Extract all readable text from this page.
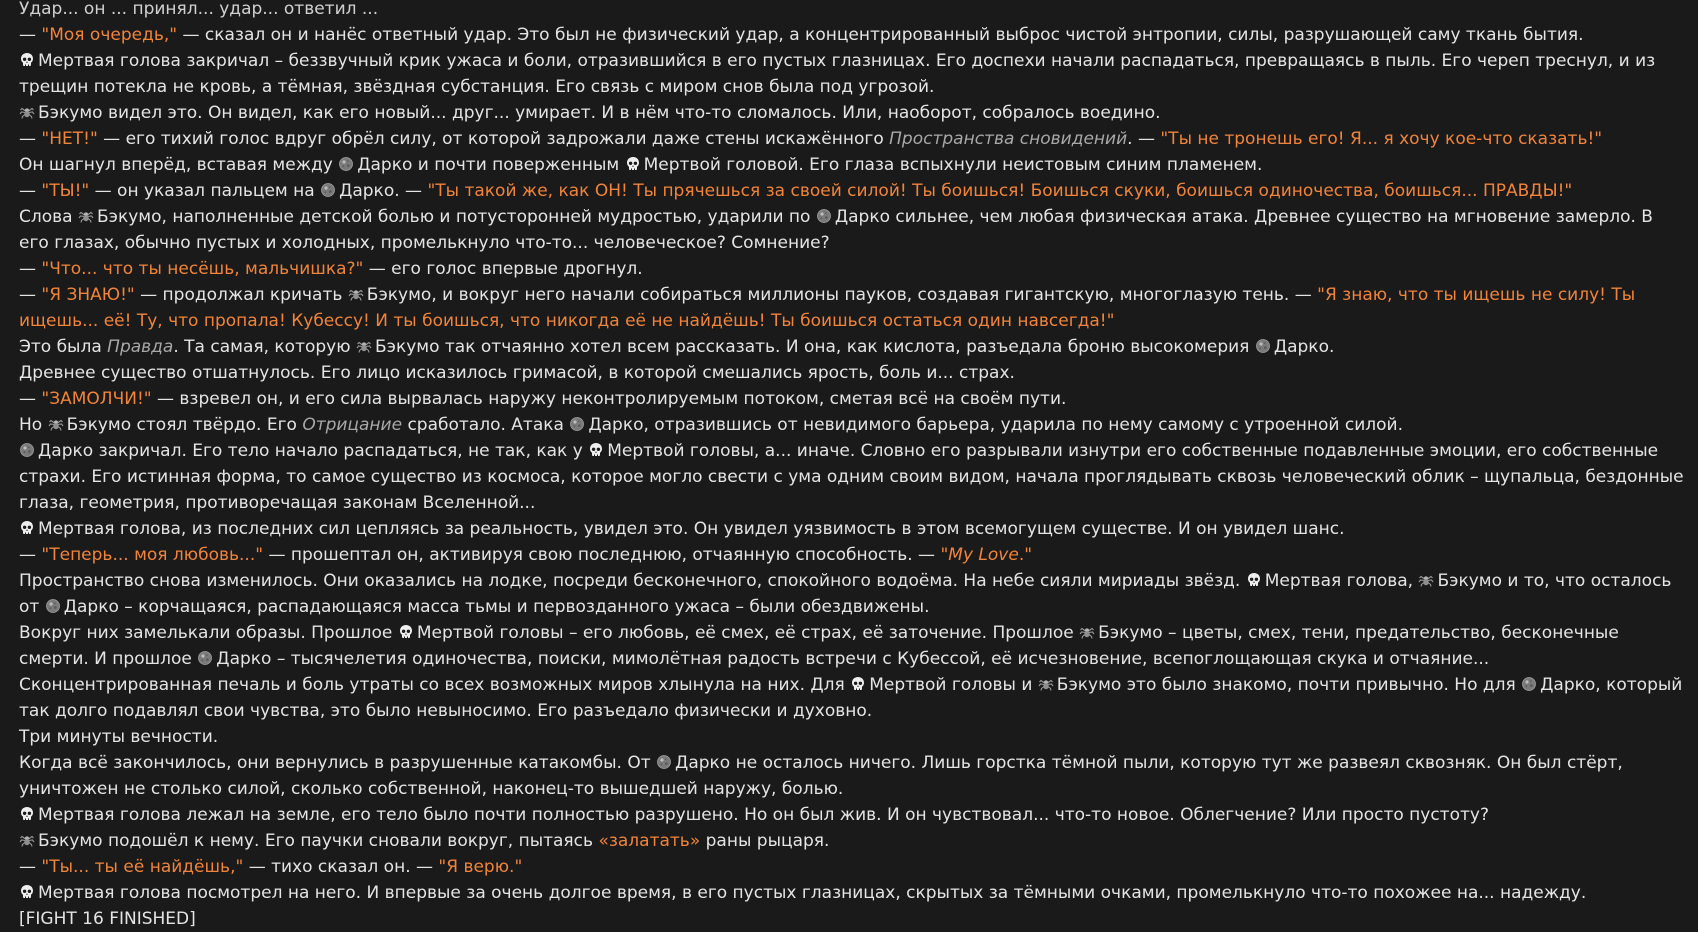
Удар... он ... принял... удар... ответил ...
— "Моя очередь," — сказал он и нанёс ответный удар. Это был не физический удар, а концентрированный выброс чистой энтропии, силы, разрушающей саму ткань бытия.
Мертвая голова закричал – беззвучный крик ужаса и боли, отразившийся в его пустых глазницах. Его доспехи начали распадаться, превращаясь в пыль. Его череп треснул, и из трещин потекла не кровь, а тёмная, звёздная субстанция. Его связь с миром снов была под угрозой.
Бэкумо видел это. Он видел, как его новый... друг... умирает. И в нём что-то сломалось. Или, наоборот, собралось воедино.
— "НЕТ!" — его тихий голос вдруг обрёл силу, от которой задрожали даже стены искажённого Пространства сновидений. — "Ты не тронешь его! Я... я хочу кое-что сказать!"
Он шагнул вперёд, вставая между
Дарко и почти поверженным
Мертвой головой. Его глаза вспыхнули неистовым синим пламенем.
— "ТЫ!" — он указал пальцем на
Дарко. — "Ты такой же, как ОН! Ты прячешься за своей силой! Ты боишься! Боишься скуки, боишься одиночества, боишься... ПРАВДЫ!"
Слова
Бэкумо, наполненные детской болью и потусторонней мудростью, ударили по
Дарко сильнее, чем любая физическая атака. Древнее существо на мгновение замерло. В его глазах, обычно пустых и холодных, промелькнуло что-то... человеческое? Сомнение?
— "Что... что ты несёшь, мальчишка?" — его голос впервые дрогнул.
— "Я ЗНАЮ!" — продолжал кричать
Бэкумо, и вокруг него начали собираться миллионы пауков, создавая гигантскую, многоглазую тень. — "Я знаю, что ты ищешь не силу! Ты ищешь... её! Ту, что пропала! Кубессу! И ты боишься, что никогда её не найдёшь! Ты боишься остаться один навсегда!"
Это была Правда. Та самая, которую
Бэкумо так отчаянно хотел всем рассказать. И она, как кислота, разъедала броню высокомерия
Дарко.
Древнее существо отшатнулось. Его лицо исказилось гримасой, в которой смешались ярость, боль и... страх.
— "ЗАМОЛЧИ!" — взревел он, и его сила вырвалась наружу неконтролируемым потоком, сметая всё на своём пути.
Но
Бэкумо стоял твёрдо. Его Отрицание сработало. Атака
Дарко, отразившись от невидимого барьера, ударила по нему самому с утроенной силой.
Дарко закричал. Его тело начало распадаться, не так, как у
Мертвой головы, а... иначе. Словно его разрывали изнутри его собственные подавленные эмоции, его собственные страхи. Его истинная форма, то самое существо из космоса, которое могло свести с ума одним своим видом, начала проглядывать сквозь человеческий облик – щупальца, бездонные глаза, геометрия, противоречащая законам Вселенной...
Мертвая голова, из последних сил цепляясь за реальность, увидел это. Он увидел уязвимость в этом всемогущем существе. И он увидел шанс.
— "Теперь... моя любовь..." — прошептал он, активируя свою последнюю, отчаянную способность. — "My Love."
Пространство снова изменилось. Они оказались на лодке, посреди бесконечного, спокойного водоёма. На небе сияли мириады звёзд.
Мертвая голова,
Бэкумо и то, что осталось от
Дарко – корчащаяся, распадающаяся масса тьмы и первозданного ужаса – были обездвижены.
Вокруг них замелькали образы. Прошлое
Мертвой головы – его любовь, её смех, её страх, её заточение. Прошлое
Бэкумо – цветы, смех, тени, предательство, бесконечные смерти. И прошлое
Дарко – тысячелетия одиночества, поиски, мимолётная радость встречи с Кубессой, её исчезновение, всепоглощающая скука и отчаяние...
Сконцентрированная печаль и боль утраты со всех возможных миров хлынула на них. Для
Мертвой головы и
Бэкумо это было знакомо, почти привычно. Но для
Дарко, который так долго подавлял свои чувства, это было невыносимо. Его разъедало физически и духовно.
Три минуты вечности.
Когда всё закончилось, они вернулись в разрушенные катакомбы. От
Дарко не осталось ничего. Лишь горстка тёмной пыли, которую тут же развеял сквозняк. Он был стёрт, уничтожен не столько силой, сколько собственной, наконец-то вышедшей наружу, болью.
Мертвая голова лежал на земле, его тело было почти полностью разрушено. Но он был жив. И он чувствовал... что-то новое. Облегчение? Или просто пустоту?
Бэкумо подошёл к нему. Его паучки сновали вокруг, пытаясь «залатать» раны рыцаря.
— "Ты... ты её найдёшь," — тихо сказал он. — "Я верю."
Мертвая голова посмотрел на него. И впервые за очень долгое время, в его пустых глазницах, скрытых за тёмными очками, промелькнуло что-то похожее на... надежду.
[FIGHT 16 FINISHED]
